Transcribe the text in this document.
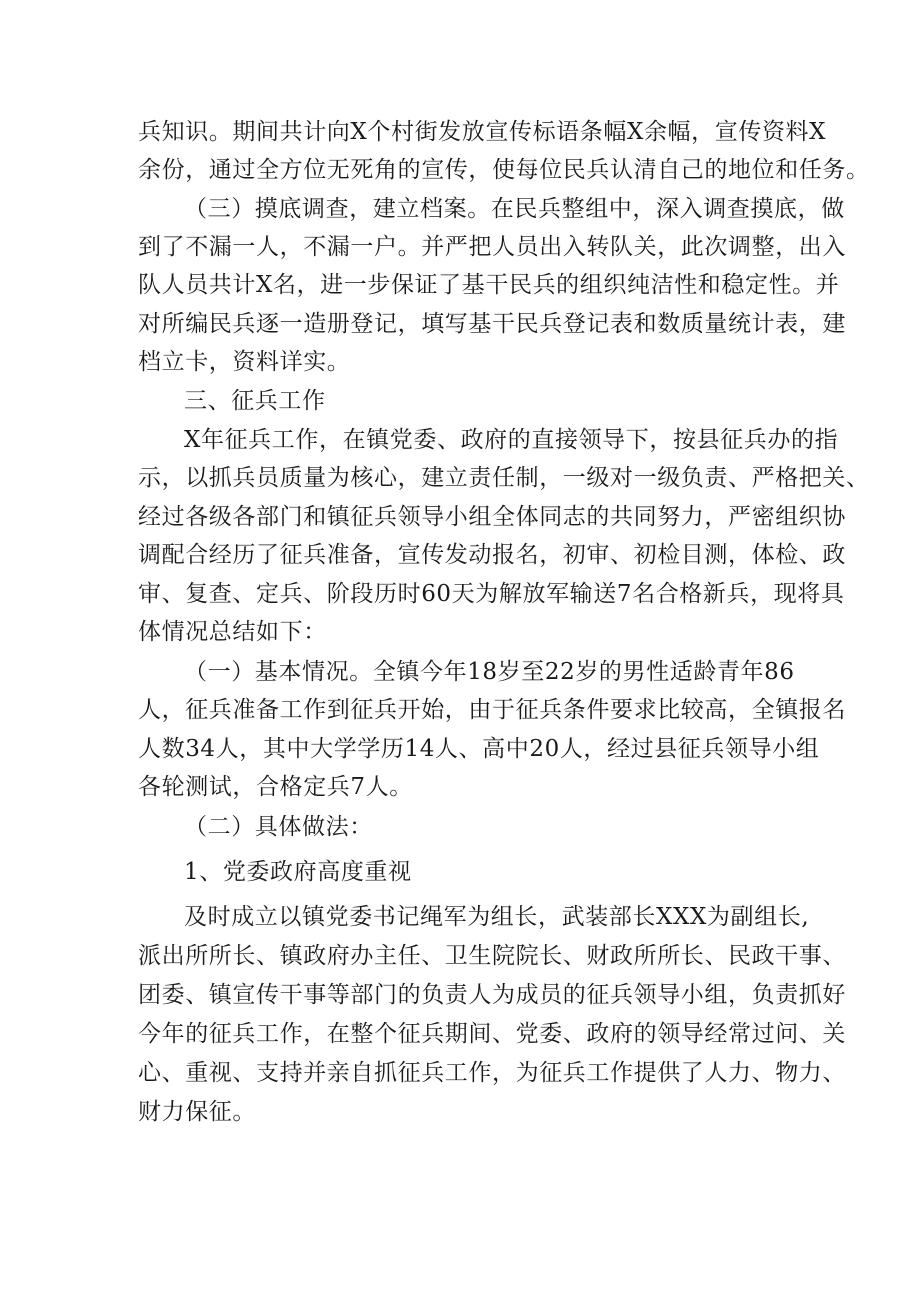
兵知识。期间共计向X个村街发放宣传标语条幅X余幅，宣传资料X
余份，通过全方位无死角的宣传，使每位民兵认清自己的地位和任务。
（三）摸底调查，建立档案。在民兵整组中，深入调查摸底，做
到了不漏一人，不漏一户。并严把人员出入转队关，此次调整，出入
队人员共计X名，进一步保证了基干民兵的组织纯洁性和稳定性。并
对所编民兵逐一造册登记，填写基干民兵登记表和数质量统计表，建
档立卡，资料详实。
三、征兵工作
X年征兵工作，在镇党委、政府的直接领导下，按县征兵办的指
示，以抓兵员质量为核心，建立责任制，一级对一级负责、严格把关、
经过各级各部门和镇征兵领导小组全体同志的共同努力，严密组织协
调配合经历了征兵准备，宣传发动报名，初审、初检目测，体检、政
审、复查、定兵、阶段历时60天为解放军输送7名合格新兵，现将具
体情况总结如下：
（一）基本情况。全镇今年18岁至22岁的男性适龄青年86
人，征兵准备工作到征兵开始，由于征兵条件要求比较高，全镇报名
人数34人，其中大学学历14人、高中20人，经过县征兵领导小组
各轮测试，合格定兵7人。
（二）具体做法：
1、党委政府高度重视
及时成立以镇党委书记绳军为组长，武装部长XXX为副组长,
派出所所长、镇政府办主任、卫生院院长、财政所所长、民政干事、
团委、镇宣传干事等部门的负责人为成员的征兵领导小组，负责抓好
今年的征兵工作，在整个征兵期间、党委、政府的领导经常过问、关
心、重视、支持并亲自抓征兵工作，为征兵工作提供了人力、物力、
财力保征。
